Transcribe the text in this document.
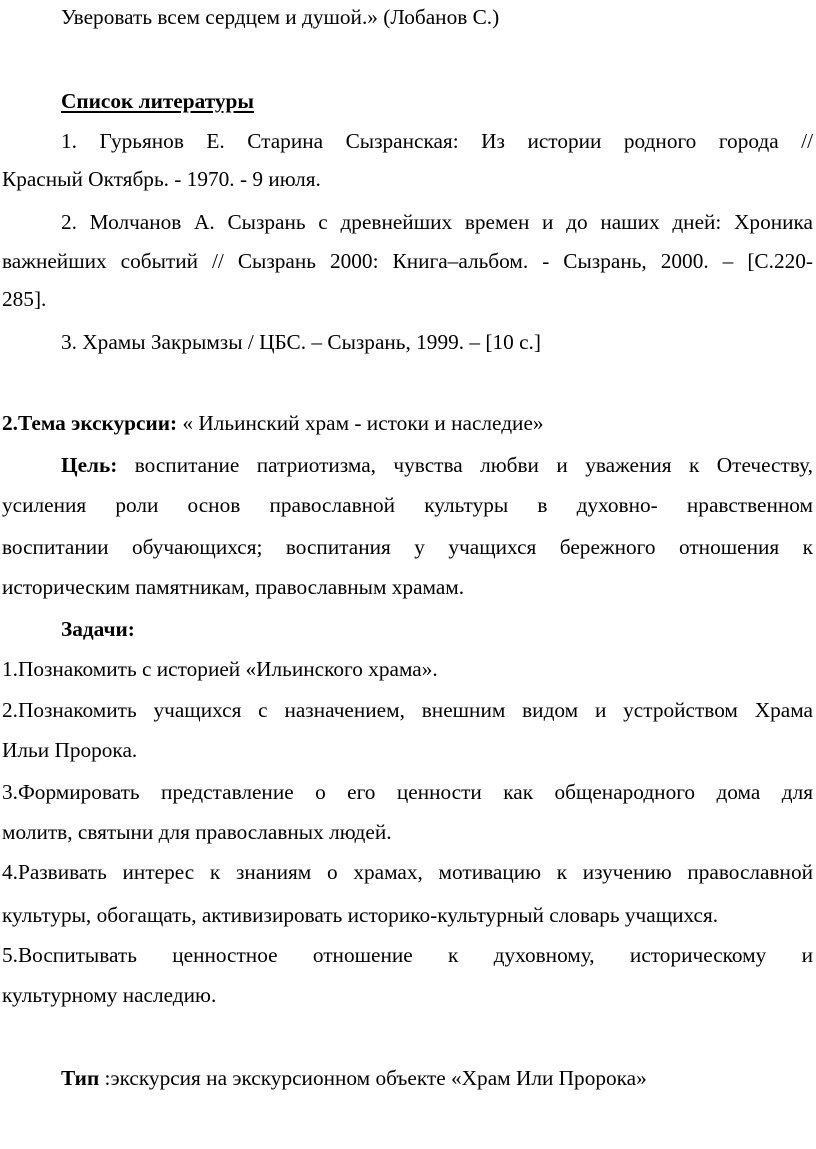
Уверовать всем сердцем и душой.» (Лобанов С.)
Список литературы
1. Гурьянов Е. Старина Сызранская: Из истории родного города //
Красный Октябрь. - 1970. - 9 июля.
2. Молчанов А. Сызрань с древнейших времен и до наших дней: Хроника
важнейших событий // Сызрань 2000: Книга–альбом. - Сызрань, 2000. – [С.220-
285].
3. Храмы Закрымзы / ЦБС. – Сызрань, 1999. – [10 с.]
2.Тема экскурсии: « Ильинский храм - истоки и наследие»
Цель: воспитание патриотизма, чувства любви и уважения к Отечеству,
усиления роли основ православной культуры в духовно- нравственном
воспитании обучающихся; воспитания у учащихся бережного отношения к
историческим памятникам, православным храмам.
Задачи:
1.Познакомить с историей «Ильинского храма».
2.Познакомить учащихся с назначением, внешним видом и устройством Храма
Ильи Пророка.
3.Формировать представление о его ценности как общенародного дома для
молитв, святыни для православных людей.
4.Развивать интерес к знаниям о храмах, мотивацию к изучению православной
культуры, обогащать, активизировать историко-культурный словарь учащихся.
5.Воспитывать ценностное отношение к духовному, историческому и
культурному наследию.
Тип :экскурсия на экскурсионном объекте «Храм Или Пророка»
